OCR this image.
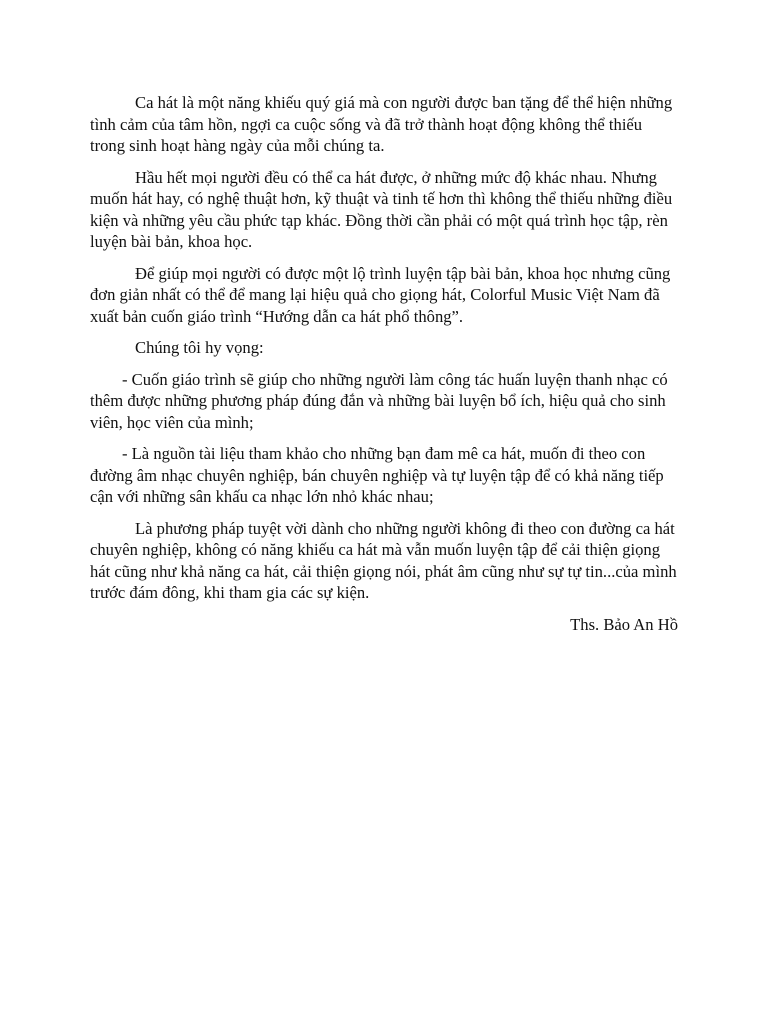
Ca hát là một năng khiếu quý giá mà con người được ban tặng để thể hiện những tình cảm của tâm hồn, ngợi ca cuộc sống và đã trở thành hoạt động không thể thiếu trong sinh hoạt hàng ngày của mỗi chúng ta.

Hầu hết mọi người đều có thể ca hát được, ở những mức độ khác nhau. Nhưng muốn hát hay, có nghệ thuật hơn, kỹ thuật và tinh tế hơn thì không thể thiếu những điều kiện và những yêu cầu phức tạp khác. Đồng thời cần phải có một quá trình học tập, rèn luyện bài bản, khoa học.

Để giúp mọi người có được một lộ trình luyện tập bài bản, khoa học nhưng cũng đơn giản nhất có thể để mang lại hiệu quả cho giọng hát, Colorful Music Việt Nam đã xuất bản cuốn giáo trình “Hướng dẫn ca hát phổ thông”.

Chúng tôi hy vọng:

- Cuốn giáo trình sẽ giúp cho những người làm công tác huấn luyện thanh nhạc có thêm được những phương pháp đúng đắn và những bài luyện bổ ích, hiệu quả cho sinh viên, học viên của mình;

- Là nguồn tài liệu tham khảo cho những bạn đam mê ca hát, muốn đi theo con đường âm nhạc chuyên nghiệp, bán chuyên nghiệp và tự luyện tập để có khả năng tiếp cận với những sân khấu ca nhạc lớn nhỏ khác nhau;

Là phương pháp tuyệt vời dành cho những người không đi theo con đường ca hát chuyên nghiệp, không có năng khiếu ca hát mà vẫn muốn luyện tập để cải thiện giọng hát cũng như khả năng ca hát, cải thiện giọng nói, phát âm cũng như sự tự tin...của mình trước đám đông, khi tham gia các sự kiện.

Ths. Bảo An Hồ
